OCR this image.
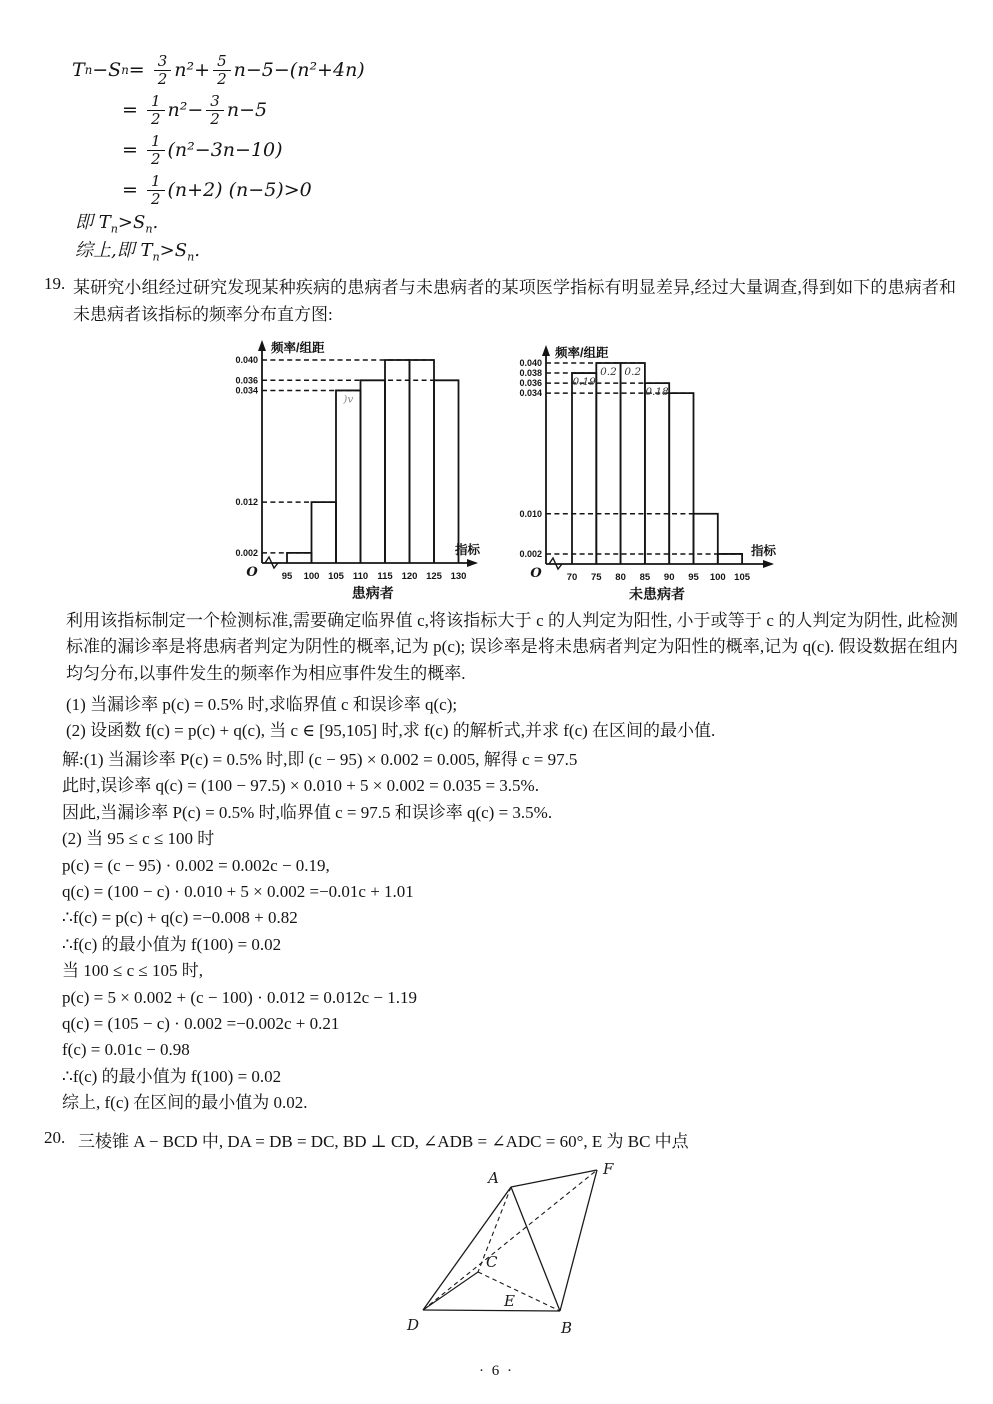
T n −S $n = \frac{3}{2} n^2+ \frac{5}{2} n-5-(n^2+4n)$
= $\frac{1}{2} n^2- \frac{3}{2} n-5$
= $\frac{1}{2} (n^2-3n-10)$
= $\frac{1}{2} (n+2)$ (n−5)>0
即 $T_n>S_n$.
综上,即 $T_n>S_n$.
19. 某研究小组经过研究发现某种疾病的患病者与未患病者的某项医学指标有明显差异,经过大量调查,得到如下的患病者和未患病者该指标的频率分布直方图:
0.040
0.036
0.034
0.012
0.002
O	95 100 105 110 115 120 125 130
频率/组距
指标
患病者
)v
0.040
0.038
0.036
0.034
0.010
0.002
O	70 75 80 85 90 95 100 105
频率/组距
指标
未患病者
0.19
0.2 0.2
0.18
利用该指标制定一个检测标准,需要确定临界值 c,将该指标大于 c 的人判定为阳性, 小于或等于 c 的人判定为阴性, 此检测标准的漏诊率是将患病者判定为阴性的概率,记为 p(c); 误诊率是将未患病者判定为阳性的概率,记为 q(c). 假设数据在组内均匀分布,以事件发生的频率作为相应事件发生的概率.
(1) 当漏诊率 p(c) = 0.5% 时,求临界值 c 和误诊率 q(c);
(2) 设函数 f(c) = p(c) + q(c), 当 c ∈ [95,105] 时,求 f(c) 的解析式,并求 f(c) 在区间的最小值.
解:(1) 当漏诊率 P(c) = 0.5% 时,即 (c − 95) × 0.002 = 0.005, 解得 c = 97.5
此时,误诊率 q(c) = (100 − 97.5) × 0.010 + 5 × 0.002 = 0.035 = 3.5%.
因此,当漏诊率 P(c) = 0.5% 时,临界值 c = 97.5 和误诊率 q(c) = 3.5%.
(2) 当 95 ≤ c ≤ 100 时
p(c) = (c − 95) · 0.002 = 0.002c − 0.19,
q(c) = (100 − c) · 0.010 + 5 × 0.002 =−0.01c + 1.01
∴f(c) = p(c) + q(c) =−0.008 + 0.82
∴f(c) 的最小值为 f(100) = 0.02
当 100 ≤ c ≤ 105 时,
p(c) = 5 × 0.002 + (c − 100) · 0.012 = 0.012c − 1.19
q(c) = (105 − c) · 0.002 =−0.002c + 0.21
f(c) = 0.01c − 0.98
∴f(c) 的最小值为 f(100) = 0.02
综上, f(c) 在区间的最小值为 0.02.
20. 三棱锥 A − BCD 中, DA = DB = DC, BD ⊥ CD, ∠ADB = ∠ADC = 60°, E 为 BC 中点
A	F
C
E
D	B
· 6 ·
